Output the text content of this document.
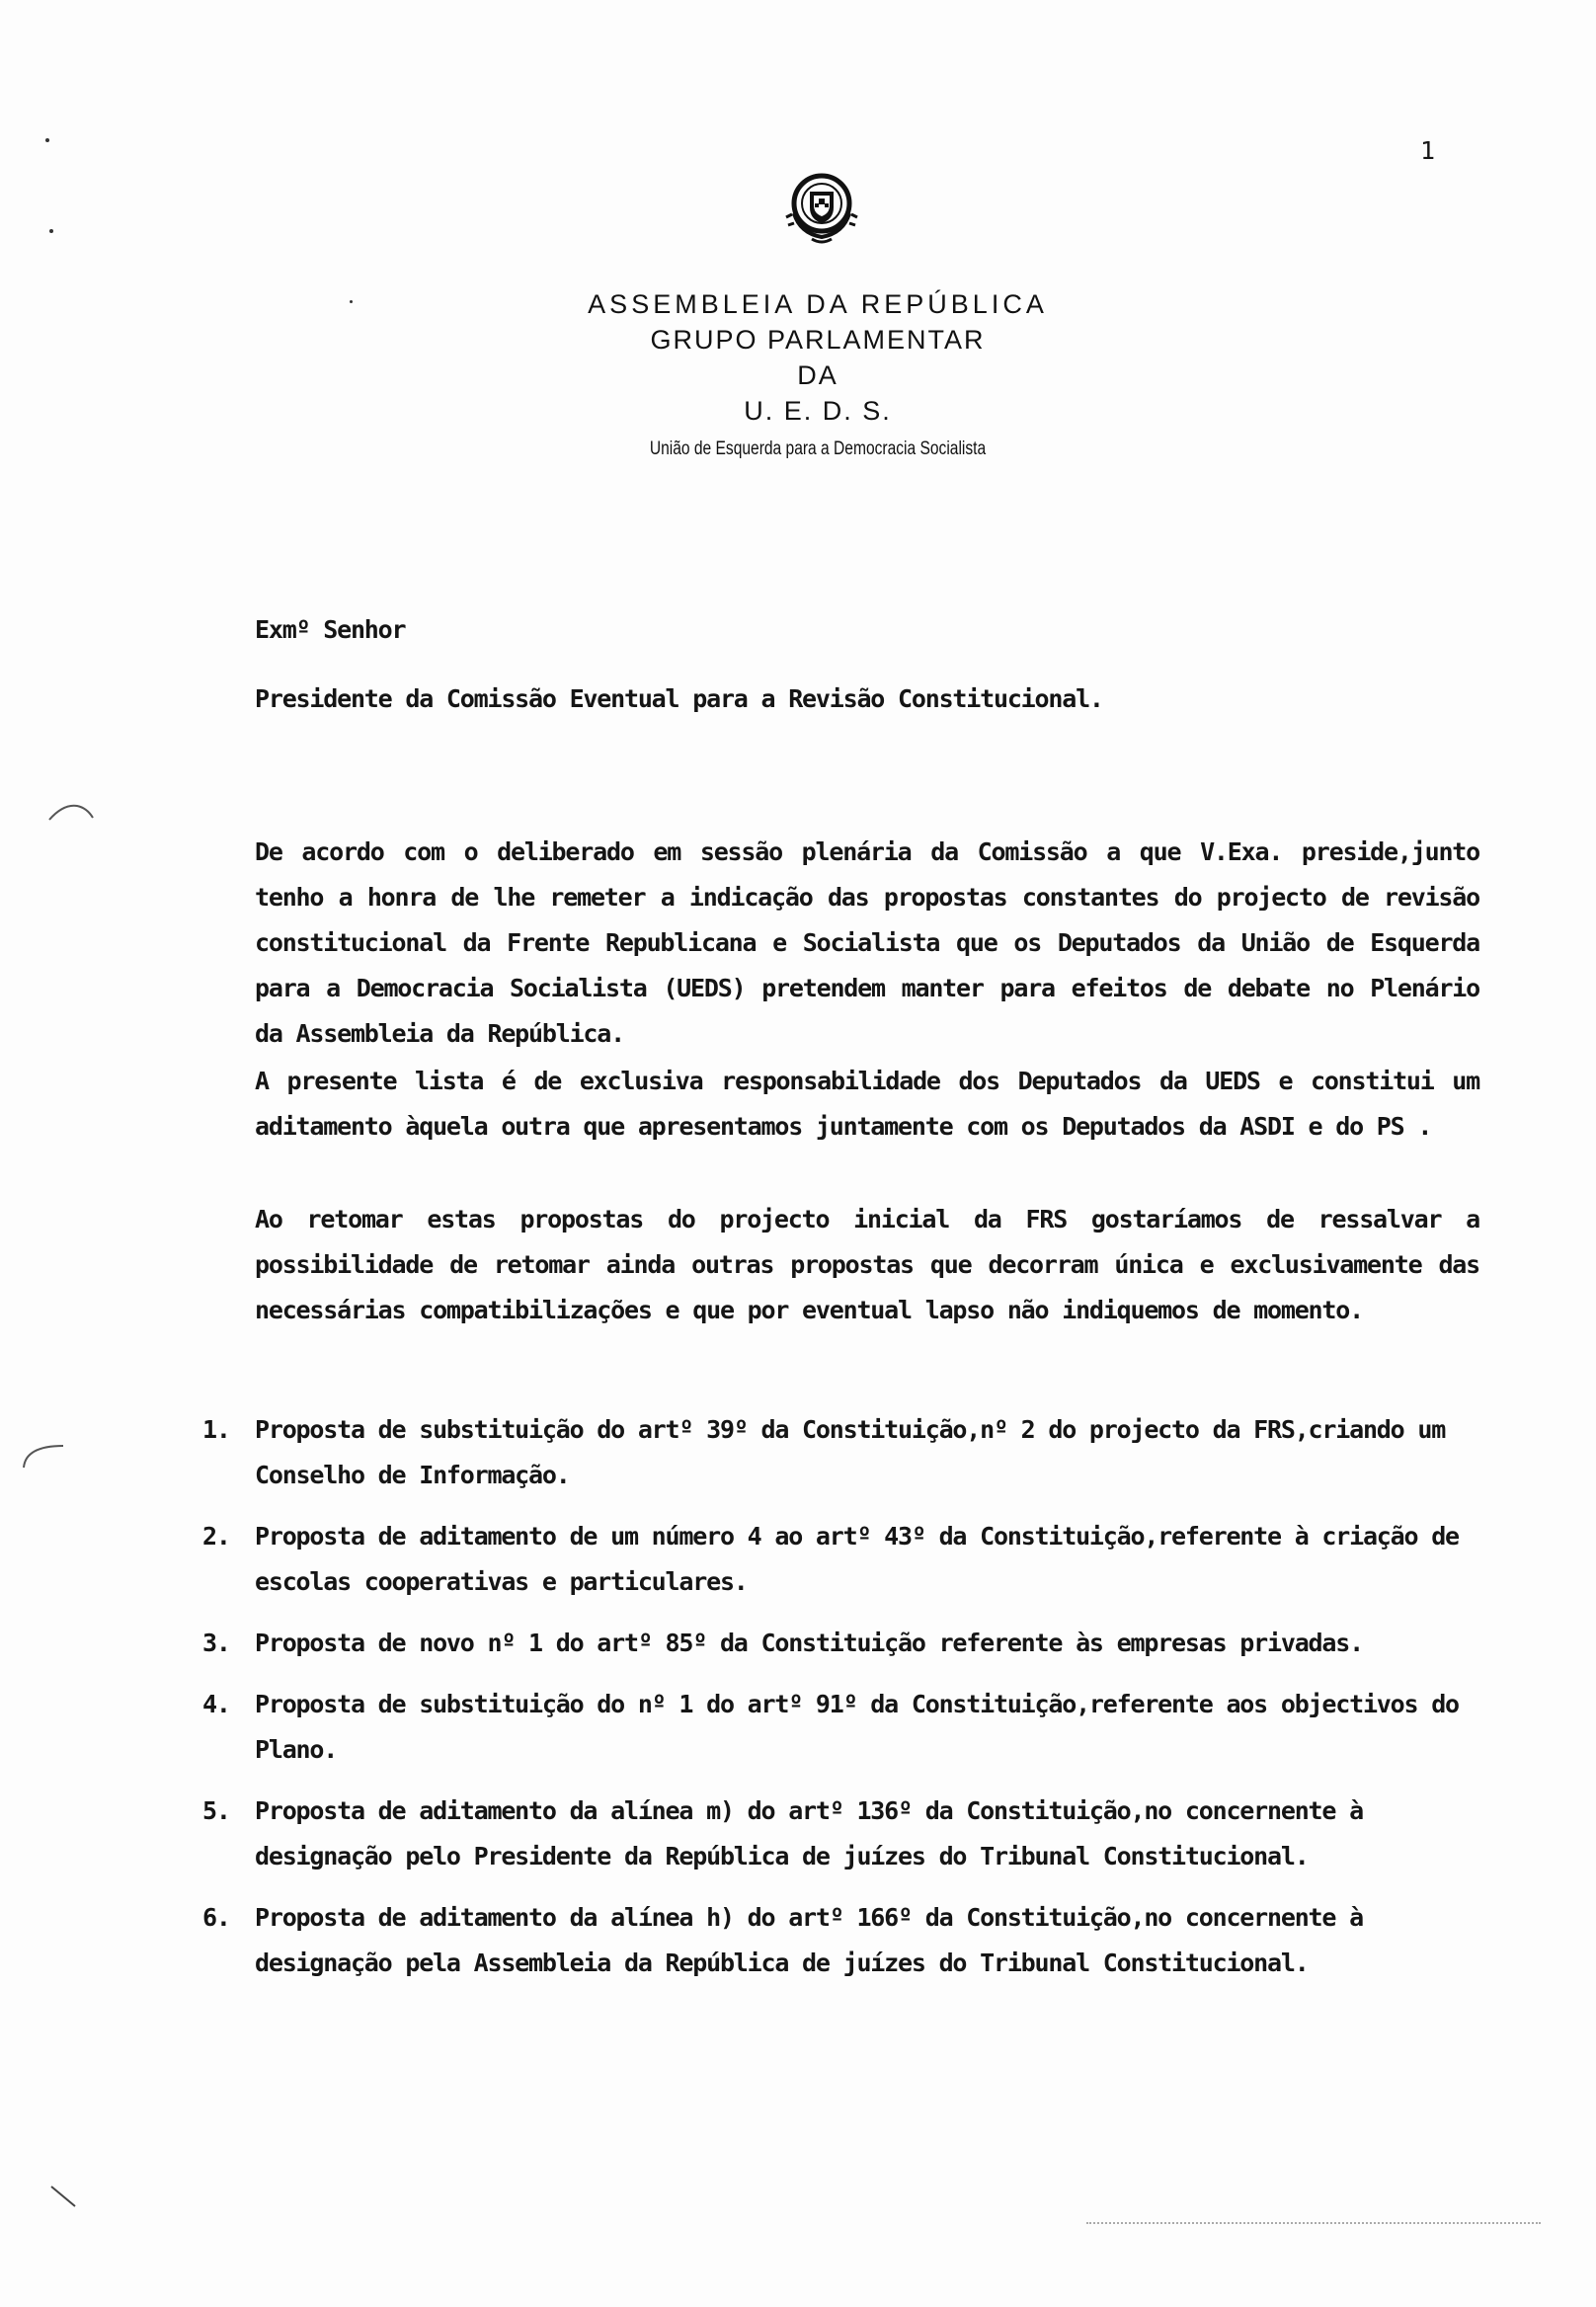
1
ASSEMBLEIA DA REPÚBLICA
GRUPO PARLAMENTAR
DA
U. E. D. S.
União de Esquerda para a Democracia Socialista
Exmº Senhor
Presidente da Comissão Eventual para a Revisão Constitucional.

De acordo com o deliberado em sessão plenária da Comissão a que V.Exa. preside,junto tenho a honra de lhe remeter a indicação das propostas constantes do projecto de revisão constitucional da Frente Republicana e Socialista que os Deputados da União de Esquerda para a Democracia Socialista (UEDS) pretendem manter para efeitos de debate no Plenário da Assembleia da República.

A presente lista é de exclusiva responsabilidade dos Deputados da UEDS e constitui um aditamento àquela outra que apresentamos juntamente com os Deputados da ASDI e do PS .

Ao retomar estas propostas do projecto inicial da FRS gostaríamos de ressalvar a possibilidade de retomar ainda outras propostas que decorram única e exclusivamente das necessárias compatibilizações e que por eventual lapso não indiquemos de momento.

1.	Proposta de substituição do artº 39º da Constituição,nº 2 do projecto da FRS,criando um Conselho de Informação.
2.	Proposta de aditamento de um número 4 ao artº 43º da Constituição,referente à criação de escolas cooperativas e particulares.
3.	Proposta de novo nº 1 do artº 85º da Constituição referente às empresas privadas.
4.	Proposta de substituição do nº 1 do artº 91º da Constituição,referente aos objectivos do Plano.
5.	Proposta de aditamento da alínea m) do artº 136º da Constituição,no concernente à designação pelo Presidente da República de juízes do Tribunal Constitucional.
6.	Proposta de aditamento da alínea h) do artº 166º da Constituição,no concernente à designação pela Assembleia da República de juízes do Tribunal Constitucional.
